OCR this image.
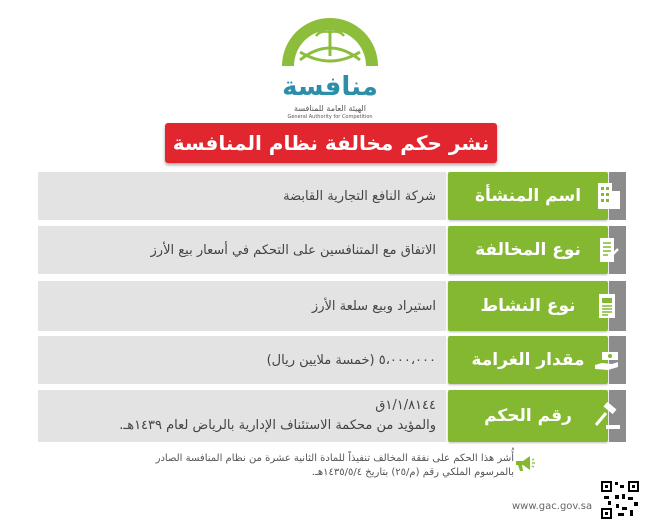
منافسة
الهيئة العامة للمنافسة
General Authority for Competition
نشر حكم مخالفة نظام المنافسة
شركة النافع التجارية القابضة	اسم المنشأة
الاتفاق مع المتنافسين على التحكم في أسعار بيع الأرز	نوع المخالفة
استيراد وبيع سلعة الأرز	نوع النشاط
٥،٠٠٠،٠٠٠ (خمسة ملايين ريال)	مقدار الغرامة
١/١/٨١٤٤ق
والمؤيد من محكمة الاستئناف الإدارية بالرياض لعام ١٤٣٩هـ.	رقم الحكم
أُشر هذا الحكم على نفقة المخالف تنفيذاً للمادة الثانية عشرة من نظام المنافسة الصادر
بالمرسوم الملكي رقم (م/٢٥) بتاريخ ١٤٣٥/٥/٤هـ.
www.gac.gov.sa
